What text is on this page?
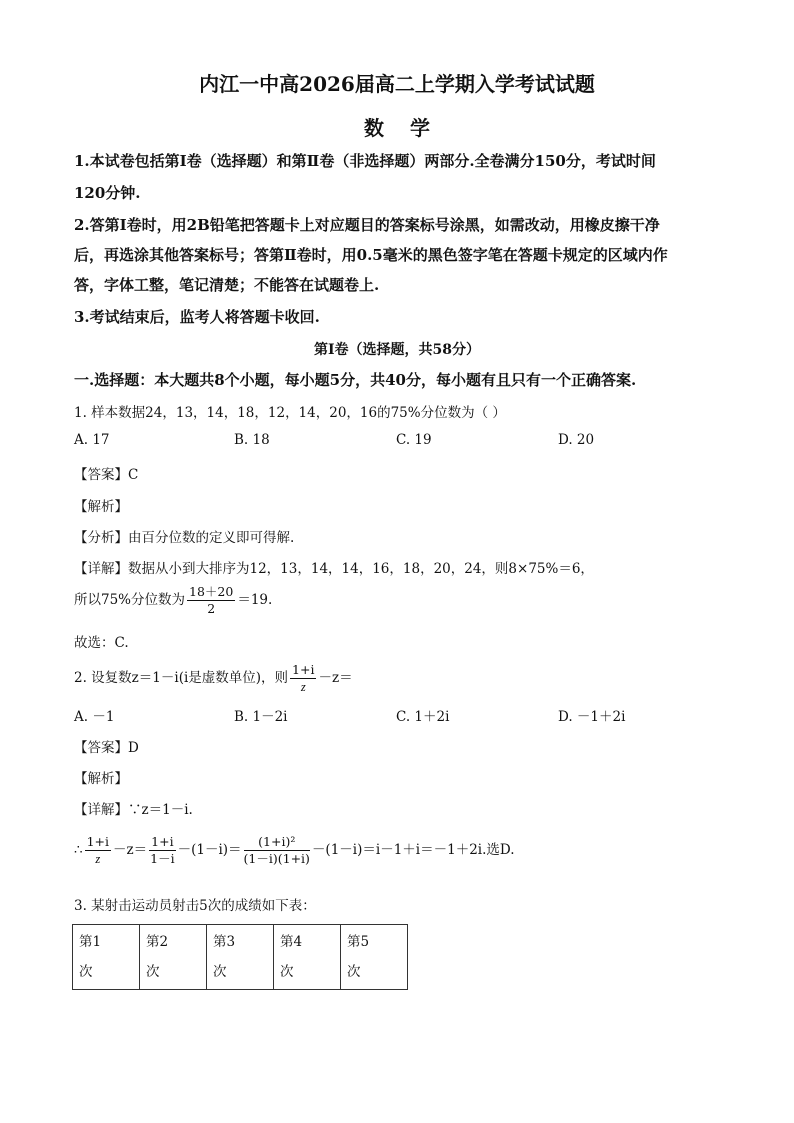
内江一中高2026届高二上学期入学考试试题
数学
1.本试卷包括第Ⅰ卷（选择题）和第Ⅱ卷（非选择题）两部分.全卷满分150分，考试时间
120分钟.
2.答第Ⅰ卷时，用2B铅笔把答题卡上对应题目的答案标号涂黑，如需改动，用橡皮擦干净
后，再选涂其他答案标号；答第Ⅱ卷时，用0.5毫米的黑色签字笔在答题卡规定的区域内作
答，字体工整，笔记清楚；不能答在试题卷上.
3.考试结束后，监考人将答题卡收回.
第Ⅰ卷（选择题，共58分）
一.选择题：本大题共8个小题，每小题5分，共40分，每小题有且只有一个正确答案.
1. 样本数据24，13，14，18，12，14，20，16的75%分位数为（ ）
A. 17	B. 18	C. 19	D. 20
【答案】C
【解析】
【分析】由百分位数的定义即可得解.
【详解】数据从小到大排序为12，13，14，14，16，18，20，24，则8×75%＝6，
所以75%分位数为 $\frac{18+20}{2} =19$.
故选：C.
2. 设复数z＝1－i(i是虚数单位)，则 $\frac{1+i}{z} -z=$
A. －1	B. 1－2i	C. 1＋2i	D. －1＋2i
【答案】D
【解析】
【详解】∵z＝1－i.
∴ $\frac{1+i}{z} -z= \frac{1+i}{1-i} -(1-i)= \frac{\text{(1+i)²}}{(1-i)(1+i)} -(1-i)=i-1+i=-1+2i$.选D.
3. 某射击运动员射击5次的成绩如下表：
第1
次	第2
次	第3
次	第4
次	第5
次
